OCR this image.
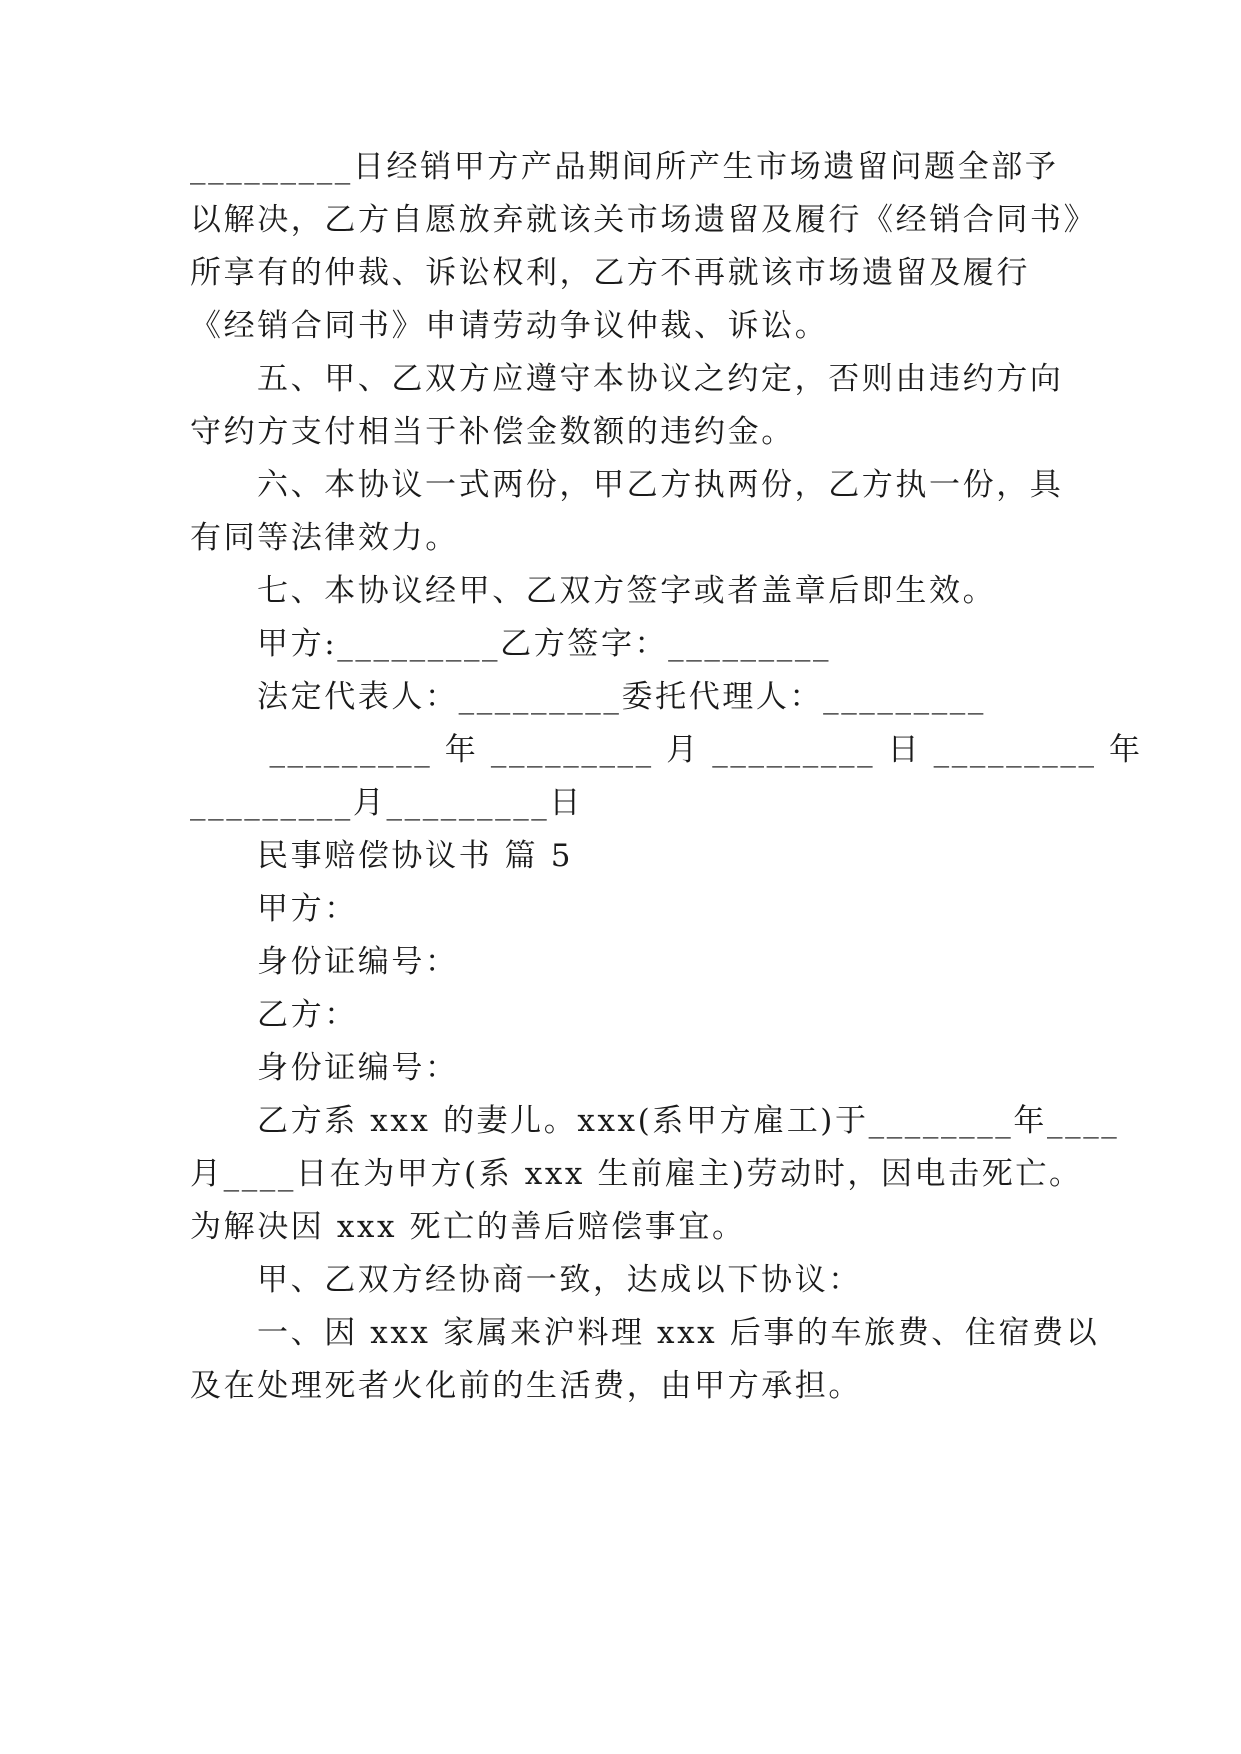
_________日经销甲方产品期间所产生市场遗留问题全部予
以解决，乙方自愿放弃就该关市场遗留及履行《经销合同书》
所享有的仲裁、诉讼权利，乙方不再就该市场遗留及履行
《经销合同书》申请劳动争议仲裁、诉讼。
五、甲、乙双方应遵守本协议之约定，否则由违约方向
守约方支付相当于补偿金数额的违约金。
六、本协议一式两份，甲乙方执两份，乙方执一份，具
有同等法律效力。
七、本协议经甲、乙双方签字或者盖章后即生效。
甲方:_________乙方签字：_________
法定代表人：_________委托代理人：_________
_________ 年 _________ 月 _________ 日 _________ 年
_________月_________日
民事赔偿协议书 篇 5
甲方：
身份证编号：
乙方：
身份证编号：
乙方系 xxx 的妻儿。xxx(系甲方雇工)于________年____
月____日在为甲方(系 xxx 生前雇主)劳动时，因电击死亡。
为解决因 xxx 死亡的善后赔偿事宜。
甲、乙双方经协商一致，达成以下协议：
一、因 xxx 家属来沪料理 xxx 后事的车旅费、住宿费以
及在处理死者火化前的生活费，由甲方承担。
